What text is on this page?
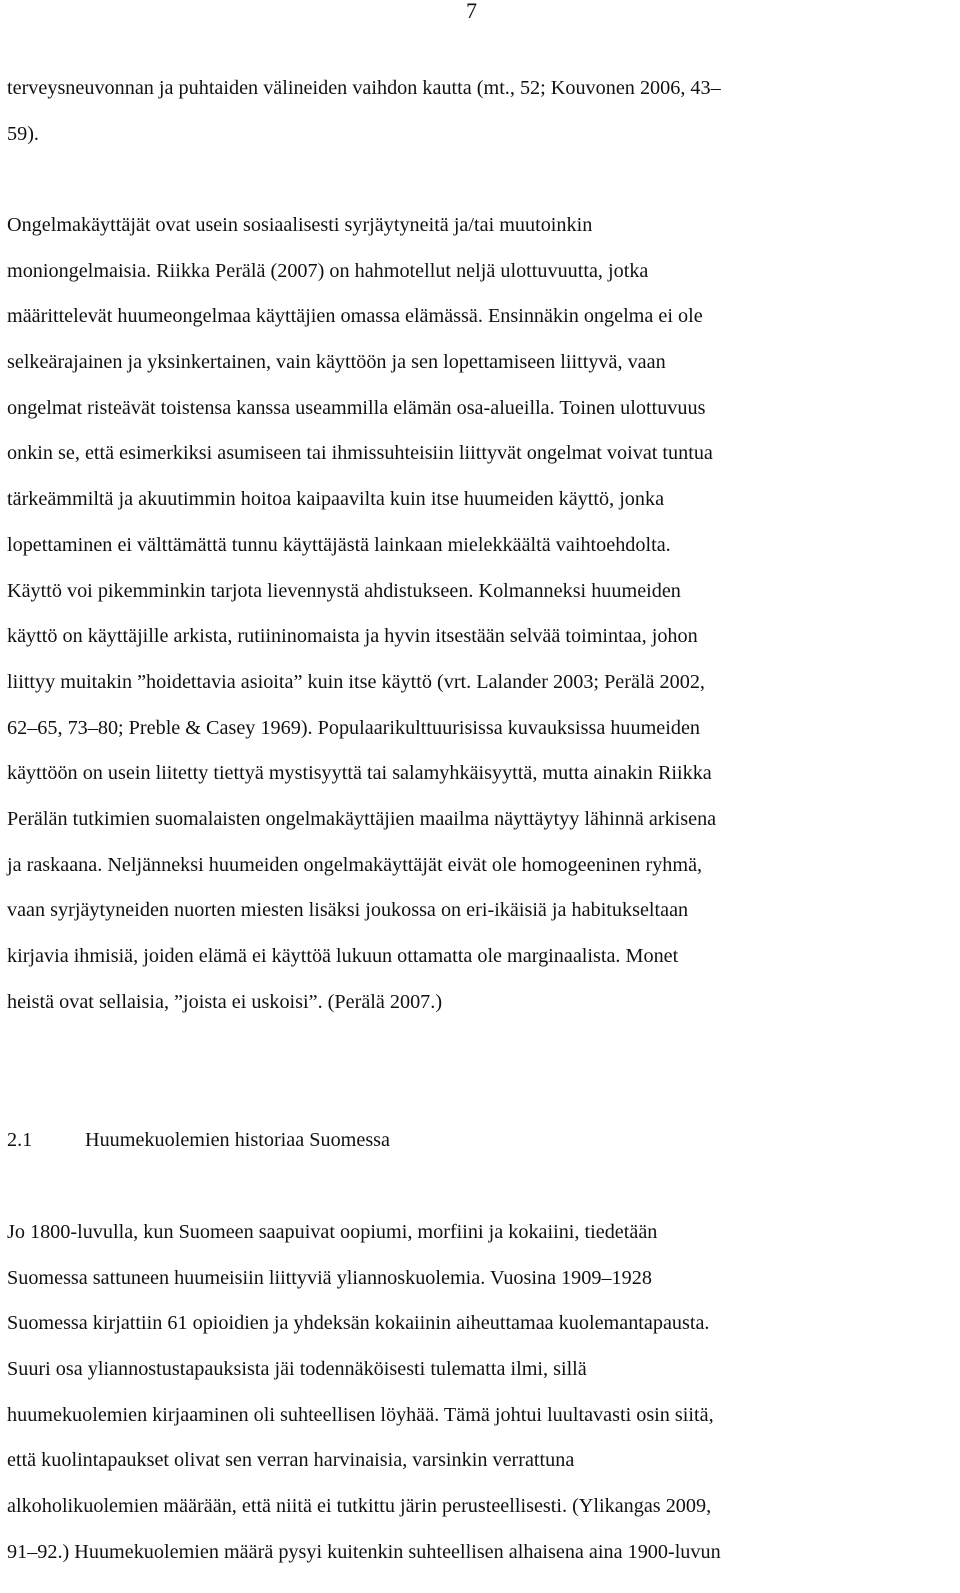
7
terveysneuvonnan ja puhtaiden välineiden vaihdon kautta (mt., 52; Kouvonen 2006, 43–
59).
Ongelmakäyttäjät ovat usein sosiaalisesti syrjäytyneitä ja/tai muutoinkin
moniongelmaisia. Riikka Perälä (2007) on hahmotellut neljä ulottuvuutta, jotka
määrittelevät huumeongelmaa käyttäjien omassa elämässä. Ensinnäkin ongelma ei ole
selkeärajainen ja yksinkertainen, vain käyttöön ja sen lopettamiseen liittyvä, vaan
ongelmat risteävät toistensa kanssa useammilla elämän osa-alueilla. Toinen ulottuvuus
onkin se, että esimerkiksi asumiseen tai ihmissuhteisiin liittyvät ongelmat voivat tuntua
tärkeämmiltä ja akuutimmin hoitoa kaipaavilta kuin itse huumeiden käyttö, jonka
lopettaminen ei välttämättä tunnu käyttäjästä lainkaan mielekkäältä vaihtoehdolta.
Käyttö voi pikemminkin tarjota lievennystä ahdistukseen. Kolmanneksi huumeiden
käyttö on käyttäjille arkista, rutiininomaista ja hyvin itsestään selvää toimintaa, johon
liittyy muitakin ”hoidettavia asioita” kuin itse käyttö (vrt. Lalander 2003; Perälä 2002,
62–65, 73–80; Preble & Casey 1969). Populaarikulttuurisissa kuvauksissa huumeiden
käyttöön on usein liitetty tiettyä mystisyyttä tai salamyhkäisyyttä, mutta ainakin Riikka
Perälän tutkimien suomalaisten ongelmakäyttäjien maailma näyttäytyy lähinnä arkisena
ja raskaana. Neljänneksi huumeiden ongelmakäyttäjät eivät ole homogeeninen ryhmä,
vaan syrjäytyneiden nuorten miesten lisäksi joukossa on eri-ikäisiä ja habitukseltaan
kirjavia ihmisiä, joiden elämä ei käyttöä lukuun ottamatta ole marginaalista. Monet
heistä ovat sellaisia, ”joista ei uskoisi”. (Perälä 2007.)
2.1	Huumekuolemien historiaa Suomessa
Jo 1800-luvulla, kun Suomeen saapuivat oopiumi, morfiini ja kokaiini, tiedetään
Suomessa sattuneen huumeisiin liittyviä yliannoskuolemia. Vuosina 1909–1928
Suomessa kirjattiin 61 opioidien ja yhdeksän kokaiinin aiheuttamaa kuolemantapausta.
Suuri osa yliannostustapauksista jäi todennäköisesti tulematta ilmi, sillä
huumekuolemien kirjaaminen oli suhteellisen löyhää. Tämä johtui luultavasti osin siitä,
että kuolintapaukset olivat sen verran harvinaisia, varsinkin verrattuna
alkoholikuolemien määrään, että niitä ei tutkittu järin perusteellisesti. (Ylikangas 2009,
91–92.) Huumekuolemien määrä pysyi kuitenkin suhteellisen alhaisena aina 1900-luvun
